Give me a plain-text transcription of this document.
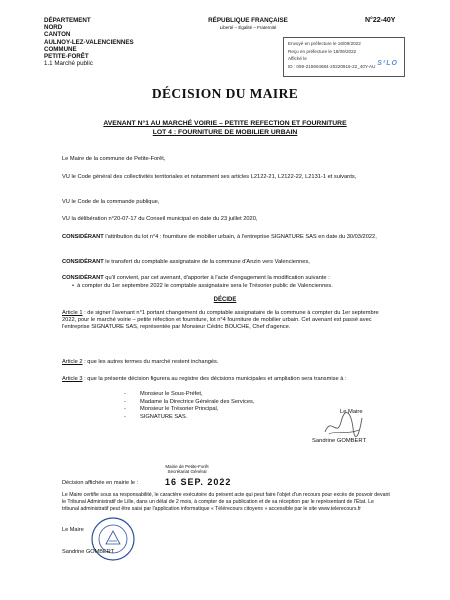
DÉPARTEMENT
NORD
CANTON
AULNOY-LEZ-VALENCIENNES
COMMUNE
PETITE-FORÊT
1.1 Marché public
RÉPUBLIQUE FRANÇAISE
Liberté – Égalité – Fraternité
N°22-40Y
Envoyé en préfecture le 16/09/2022
Reçu en préfecture le 16/09/2022
Affiché le
ID : 059-215904684-20220916-22_40Y-AU S²LO
DÉCISION DU MAIRE
AVENANT N°1 AU MARCHÉ VOIRIE – PETITE REFECTION ET FOURNITURE
LOT 4 : FOURNITURE DE MOBILIER URBAIN
Le Maire de la commune de Petite-Forêt,
VU le Code général des collectivités territoriales et notamment ses articles L2122-21, L2122-22, L2131-1 et suivants,
VU le Code de la commande publique,
VU la délibération n°20-07-17 du Conseil municipal en date du 23 juillet 2020,
CONSIDÉRANT l'attribution du lot n°4 : fourniture de mobilier urbain, à l'entreprise SIGNATURE SAS en date du 30/03/2022,
CONSIDÉRANT le transfert du comptable assignataire de la commune d'Anzin vers Valenciennes,
CONSIDÉRANT qu'il convient, par cet avenant, d'apporter à l'acte d'engagement la modification suivante :
•  à compter du 1er septembre 2022 le comptable assignataire sera le Trésorier public de Valenciennes.
DÉCIDE
Article 1 : de signer l'avenant n°1 portant changement du comptable assignataire de la commune à compter du 1er septembre 2022, pour le marché voirie – petite réfection et fourniture, lot n°4 fourniture de mobilier urbain. Cet avenant est passé avec l'entreprise SIGNATURE SAS, représentée par Monsieur Cédric BOUCHE, Chef d'agence.
Article 2 : que les autres termes du marché restent inchangés.
Article 3 : que la présente décision figurera au registre des décisions municipales et ampliation sera transmise à :
- Monsieur le Sous-Préfet,
- Madame la Directrice Générale des Services,
- Monsieur le Trésorier Principal,
- SIGNATURE SAS.
Le Maire
Sandrine GOMBERT
Mairie de Petite-Forêt
Secrétariat Général
Décision affichée en mairie le :	16 SEP. 2022
Le Maire certifie sous sa responsabilité, le caractère exécutoire du présent acte qui peut faire l'objet d'un recours pour excès de pouvoir devant le Tribunal Administratif de Lille, dans un délai de 2 mois, à compter de sa publication et de sa réception par le représentant de l'État. Le tribunal administratif peut être saisi par l'application informatique « Télérecours citoyens » accessible par le site www.telerecours.fr
Le Maire
Sandrine GOMBERT
